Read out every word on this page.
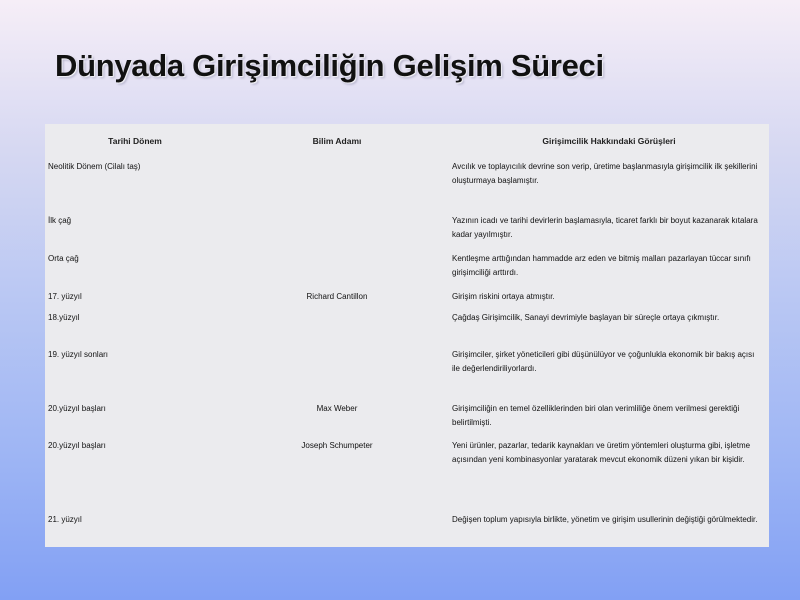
Dünyada Girişimciliğin Gelişim Süreci
Tarihi Dönem	Bilim Adamı	Girişimcilik Hakkındaki Görüşleri
Neolitik Dönem (Cilalı taş)		Avcılık ve toplayıcılık devrine son verip, üretime başlanmasıyla girişimcilik ilk şekillerini oluşturmaya başlamıştır.
İlk çağ		Yazının icadı ve tarihi devirlerin başlamasıyla, ticaret farklı bir boyut kazanarak kıtalara kadar yayılmıştır.
Orta çağ		Kentleşme arttığından hammadde arz eden ve bitmiş malları pazarlayan tüccar sınıfı girişimciliği arttırdı.
17. yüzyıl	Richard Cantillon	Girişim riskini ortaya atmıştır.
18.yüzyıl		Çağdaş Girişimcilik, Sanayi devrimiyle başlayan bir süreçle ortaya çıkmıştır.
19. yüzyıl sonları		Girişimciler, şirket yöneticileri gibi düşünülüyor ve çoğunlukla ekonomik bir bakış açısı ile değerlendiriliyorlardı.
20.yüzyıl başları	Max Weber	Girişimciliğin en temel özelliklerinden biri olan verimliliğe önem verilmesi gerektiği belirtilmişti.
20.yüzyıl başları	Joseph Schumpeter	Yeni ürünler, pazarlar, tedarik kaynakları ve üretim yöntemleri oluşturma gibi, işletme açısından yeni kombinasyonlar yaratarak mevcut ekonomik düzeni yıkan bir kişidir.
21. yüzyıl		Değişen toplum yapısıyla birlikte, yönetim ve girişim usullerinin değiştiği görülmektedir.
